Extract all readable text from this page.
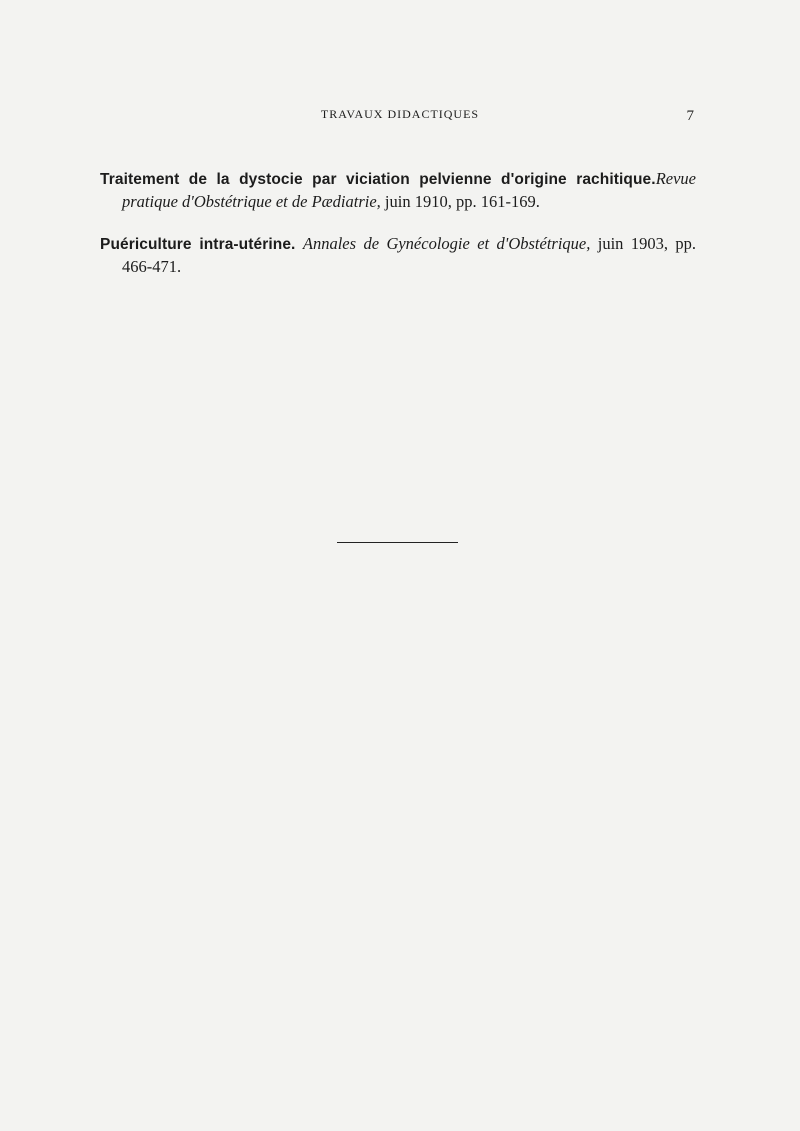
TRAVAUX DIDACTIQUES	7

Traitement de la dystocie par viciation pelvienne d'origine rachitique.Revue pratique d'Obstétrique et de Pædiatrie, juin 1910, pp. 161-169.

Puériculture intra-utérine. Annales de Gynécologie et d'Obstétrique, juin 1903, pp. 466-471.
